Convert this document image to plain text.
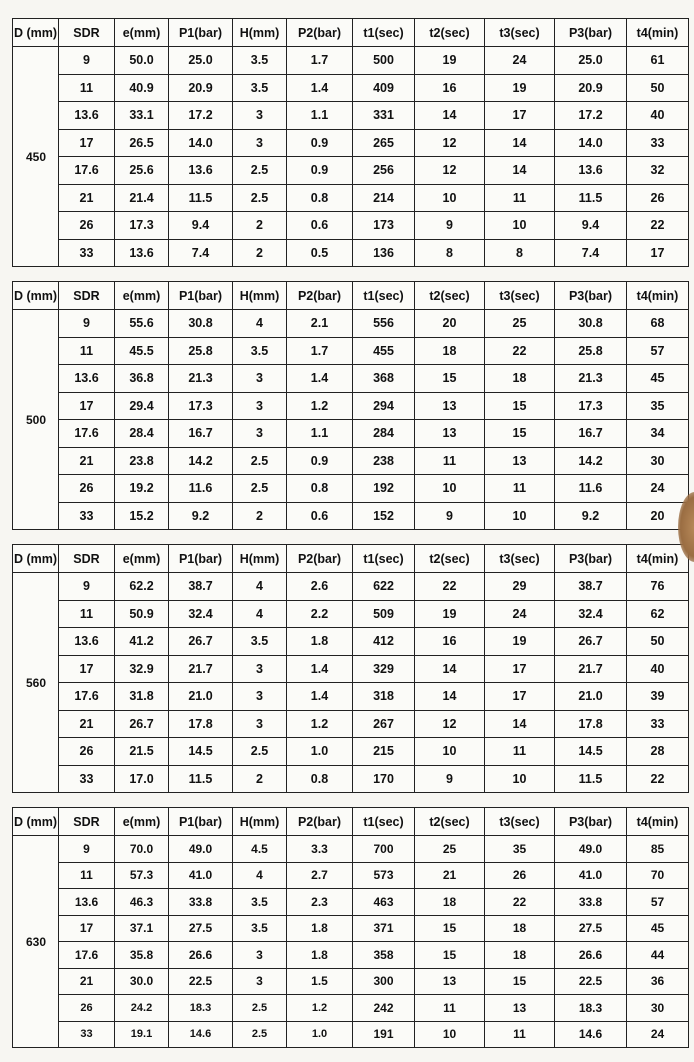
D (mm)	SDR	e(mm)	P1(bar)	H(mm)	P2(bar)	t1(sec)	t2(sec)	t3(sec)	P3(bar)	t4(min)
450	9	50.0	25.0	3.5	1.7	500	19	24	25.0	61
	11	40.9	20.9	3.5	1.4	409	16	19	20.9	50
	13.6	33.1	17.2	3	1.1	331	14	17	17.2	40
	17	26.5	14.0	3	0.9	265	12	14	14.0	33
	17.6	25.6	13.6	2.5	0.9	256	12	14	13.6	32
	21	21.4	11.5	2.5	0.8	214	10	11	11.5	26
	26	17.3	9.4	2	0.6	173	9	10	9.4	22
	33	13.6	7.4	2	0.5	136	8	8	7.4	17
D (mm)	SDR	e(mm)	P1(bar)	H(mm)	P2(bar)	t1(sec)	t2(sec)	t3(sec)	P3(bar)	t4(min)
500	9	55.6	30.8	4	2.1	556	20	25	30.8	68
	11	45.5	25.8	3.5	1.7	455	18	22	25.8	57
	13.6	36.8	21.3	3	1.4	368	15	18	21.3	45
	17	29.4	17.3	3	1.2	294	13	15	17.3	35
	17.6	28.4	16.7	3	1.1	284	13	15	16.7	34
	21	23.8	14.2	2.5	0.9	238	11	13	14.2	30
	26	19.2	11.6	2.5	0.8	192	10	11	11.6	24
	33	15.2	9.2	2	0.6	152	9	10	9.2	20
D (mm)	SDR	e(mm)	P1(bar)	H(mm)	P2(bar)	t1(sec)	t2(sec)	t3(sec)	P3(bar)	t4(min)
560	9	62.2	38.7	4	2.6	622	22	29	38.7	76
	11	50.9	32.4	4	2.2	509	19	24	32.4	62
	13.6	41.2	26.7	3.5	1.8	412	16	19	26.7	50
	17	32.9	21.7	3	1.4	329	14	17	21.7	40
	17.6	31.8	21.0	3	1.4	318	14	17	21.0	39
	21	26.7	17.8	3	1.2	267	12	14	17.8	33
	26	21.5	14.5	2.5	1.0	215	10	11	14.5	28
	33	17.0	11.5	2	0.8	170	9	10	11.5	22
D (mm)	SDR	e(mm)	P1(bar)	H(mm)	P2(bar)	t1(sec)	t2(sec)	t3(sec)	P3(bar)	t4(min)
630	9	70.0	49.0	4.5	3.3	700	25	35	49.0	85
	11	57.3	41.0	4	2.7	573	21	26	41.0	70
	13.6	46.3	33.8	3.5	2.3	463	18	22	33.8	57
	17	37.1	27.5	3.5	1.8	371	15	18	27.5	45
	17.6	35.8	26.6	3	1.8	358	15	18	26.6	44
	21	30.0	22.5	3	1.5	300	13	15	22.5	36
	26	24.2	18.3	2.5	1.2	242	11	13	18.3	30
	33	19.1	14.6	2.5	1.0	191	10	11	14.6	24
